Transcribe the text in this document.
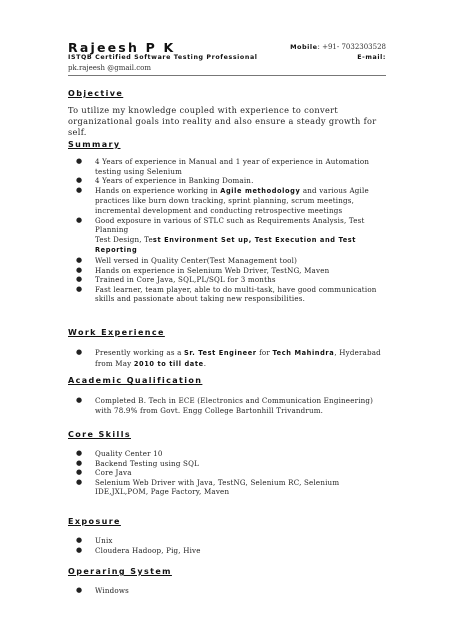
Rajeesh P K
ISTQB Certified Software Testing Professional
pk.rajeesh @gmail.com
Mobile: +91- 7032303528
E-mail:
Objective
To utilize my knowledge coupled with experience to convert organizational goals into reality and also ensure a steady growth for self.
Summary
● 4 Years of experience in Manual and 1 year of experience in Automation testing using Selenium
● 4 Years of experience in Banking Domain.
● Hands on experience working in Agile methodology and various Agile practices like burn down tracking, sprint planning, scrum meetings, incremental development and conducting retrospective meetings
● Good exposure in various of STLC such as Requirements Analysis, Test Planning
Test Design, Test Environment Set up, Test Execution and Test Reporting
● Well versed in Quality Center(Test Management tool)
● Hands on experience in Selenium Web Driver, TestNG, Maven
● Trained in Core Java, SQL,PL/SQL for 3 months
● Fast learner, team player, able to do multi-task, have good communication skills and passionate about taking new responsibilities.
Work Experience
● Presently working as a Sr. Test Engineer for Tech Mahindra, Hyderabad from May 2010 to till date.
Academic Qualification
● Completed B. Tech in ECE (Electronics and Communication Engineering) with 78.9% from Govt. Engg College Bartonhill Trivandrum.
Core Skills
● Quality Center 10
● Backend Testing using SQL
● Core Java
● Selenium Web Driver with Java, TestNG, Selenium RC, Selenium IDE,JXL,POM, Page Factory, Maven
Exposure
● Unix
● Cloudera Hadoop, Pig, Hive
Operaring System
● Windows
